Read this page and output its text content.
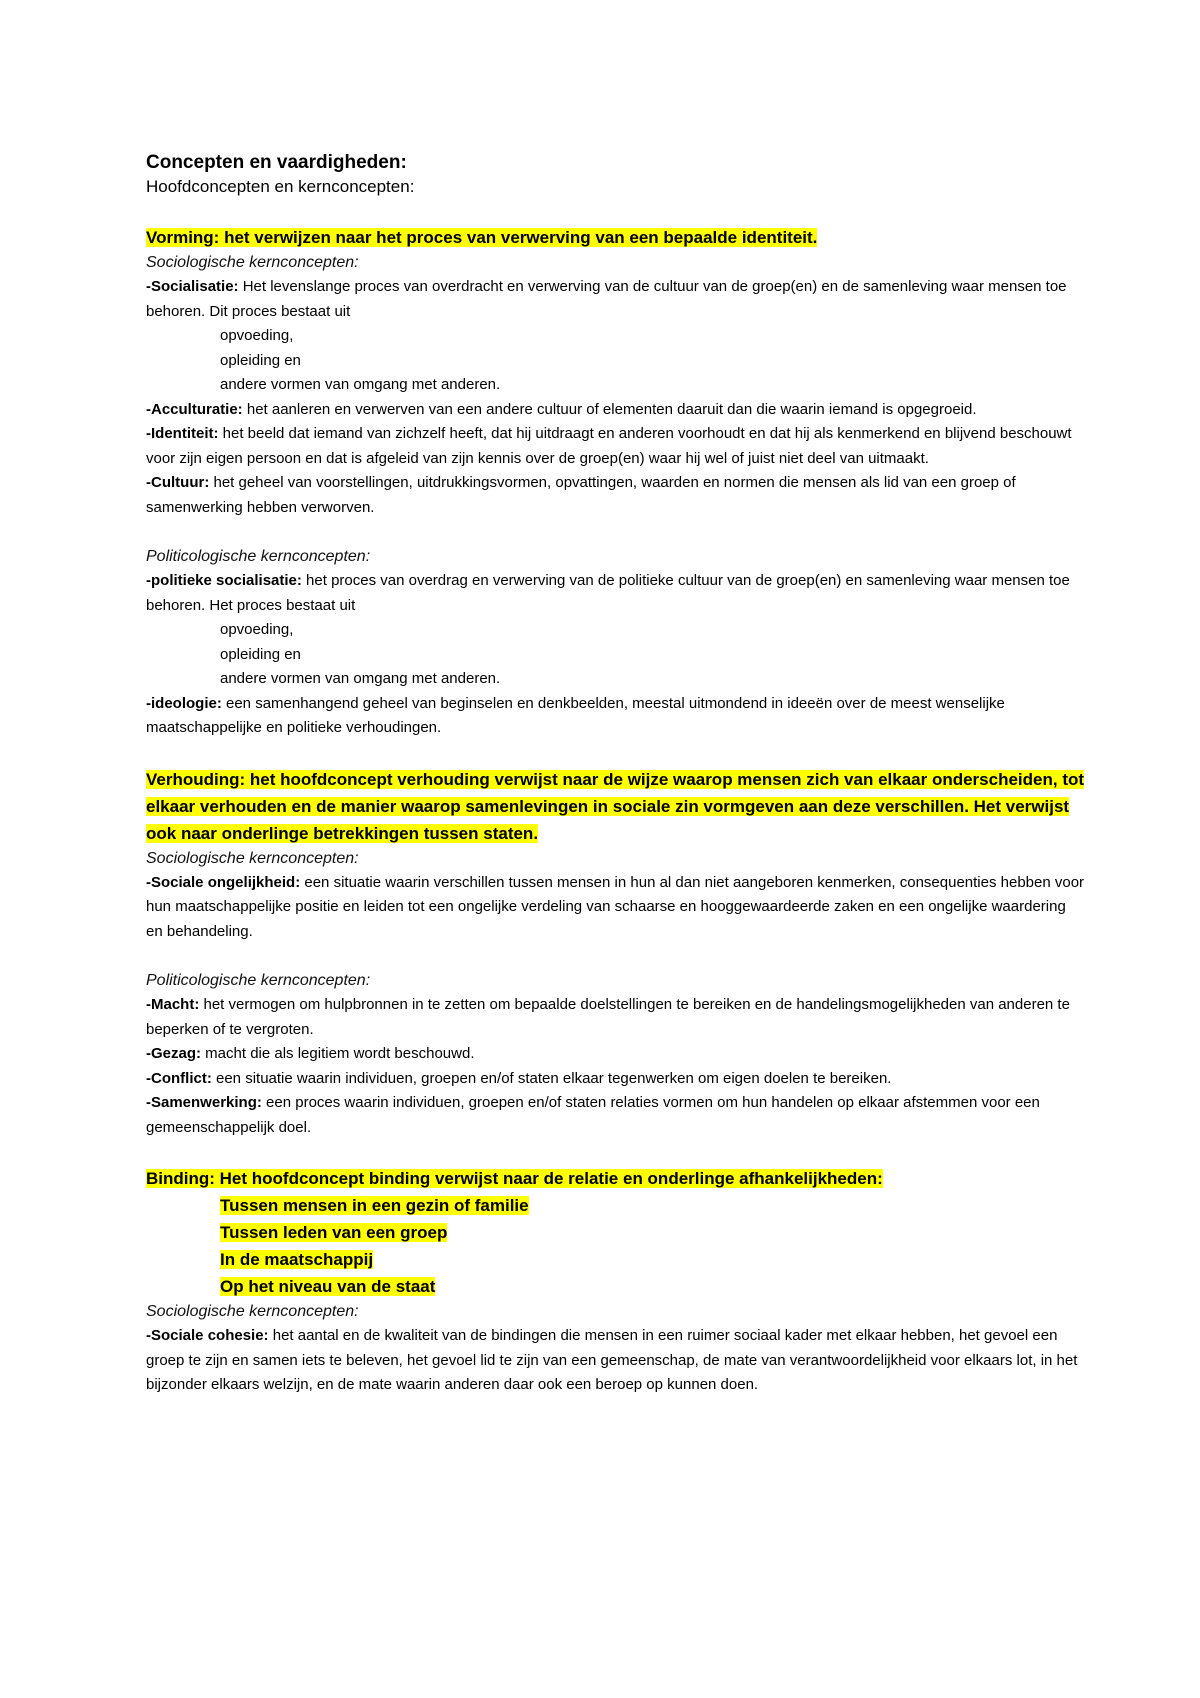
Concepten en vaardigheden:

Hoofdconcepten en kernconcepten:

Vorming: het verwijzen naar het proces van verwerving van een bepaalde identiteit.

Sociologische kernconcepten:

-Socialisatie: Het levenslange proces van overdracht en verwerving van de cultuur van de groep(en) en de samenleving waar mensen toe behoren. Dit proces bestaat uit

opvoeding,

opleiding en

andere vormen van omgang met anderen.

-Acculturatie: het aanleren en verwerven van een andere cultuur of elementen daaruit dan die waarin iemand is opgegroeid.

-Identiteit: het beeld dat iemand van zichzelf heeft, dat hij uitdraagt en anderen voorhoudt en dat hij als kenmerkend en blijvend beschouwt voor zijn eigen persoon en dat is afgeleid van zijn kennis over de groep(en) waar hij wel of juist niet deel van uitmaakt.

-Cultuur: het geheel van voorstellingen, uitdrukkingsvormen, opvattingen, waarden en normen die mensen als lid van een groep of samenwerking hebben verworven.

Politicologische kernconcepten:

-politieke socialisatie: het proces van overdrag en verwerving van de politieke cultuur van de groep(en) en samenleving waar mensen toe behoren. Het proces bestaat uit

opvoeding,

opleiding en

andere vormen van omgang met anderen.

-ideologie: een samenhangend geheel van beginselen en denkbeelden, meestal uitmondend in ideeën over de meest wenselijke maatschappelijke en politieke verhoudingen.

Verhouding: het hoofdconcept verhouding verwijst naar de wijze waarop mensen zich van elkaar onderscheiden, tot elkaar verhouden en de manier waarop samenlevingen in sociale zin vormgeven aan deze verschillen. Het verwijst ook naar onderlinge betrekkingen tussen staten.

Sociologische kernconcepten:

-Sociale ongelijkheid: een situatie waarin verschillen tussen mensen in hun al dan niet aangeboren kenmerken, consequenties hebben voor hun maatschappelijke positie en leiden tot een ongelijke verdeling van schaarse en hooggewaardeerde zaken en een ongelijke waardering en behandeling.

Politicologische kernconcepten:

-Macht: het vermogen om hulpbronnen in te zetten om bepaalde doelstellingen te bereiken en de handelingsmogelijkheden van anderen te beperken of te vergroten.

-Gezag: macht die als legitiem wordt beschouwd.

-Conflict: een situatie waarin individuen, groepen en/of staten elkaar tegenwerken om eigen doelen te bereiken.

-Samenwerking: een proces waarin individuen, groepen en/of staten relaties vormen om hun handelen op elkaar afstemmen voor een gemeenschappelijk doel.

Binding: Het hoofdconcept binding verwijst naar de relatie en onderlinge afhankelijkheden:

Tussen mensen in een gezin of familie

Tussen leden van een groep

In de maatschappij

Op het niveau van de staat

Sociologische kernconcepten:

-Sociale cohesie: het aantal en de kwaliteit van de bindingen die mensen in een ruimer sociaal kader met elkaar hebben, het gevoel een groep te zijn en samen iets te beleven, het gevoel lid te zijn van een gemeenschap, de mate van verantwoordelijkheid voor elkaars lot, in het bijzonder elkaars welzijn, en de mate waarin anderen daar ook een beroep op kunnen doen.
